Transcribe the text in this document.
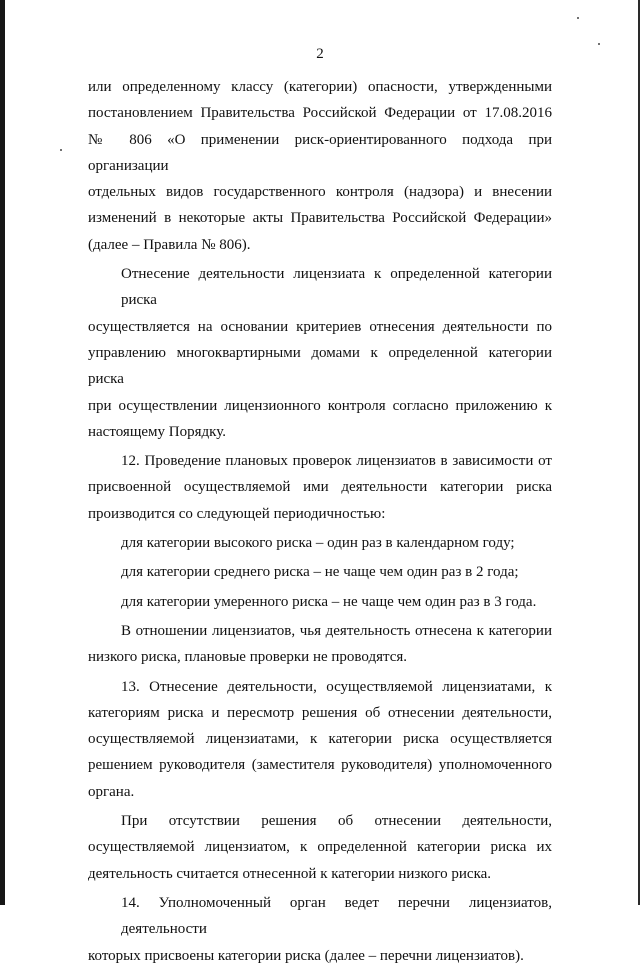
2
или определенному классу (категории) опасности, утвержденными
постановлением Правительства Российской Федерации от 17.08.2016
№ 806 «О применении риск-ориентированного подхода при организации
отдельных видов государственного контроля (надзора) и внесении
изменений в некоторые акты Правительства Российской Федерации»
(далее – Правила № 806).
Отнесение деятельности лицензиата к определенной категории риска
осуществляется на основании критериев отнесения деятельности по
управлению многоквартирными домами к определенной категории риска
при осуществлении лицензионного контроля согласно приложению к
настоящему Порядку.
12. Проведение плановых проверок лицензиатов в зависимости от
присвоенной осуществляемой ими деятельности категории риска
производится со следующей периодичностью:
для категории высокого риска – один раз в календарном году;
для категории среднего риска – не чаще чем один раз в 2 года;
для категории умеренного риска – не чаще чем один раз в 3 года.
В отношении лицензиатов, чья деятельность отнесена к категории
низкого риска, плановые проверки не проводятся.
13. Отнесение деятельности, осуществляемой лицензиатами, к
категориям риска и пересмотр решения об отнесении деятельности,
осуществляемой лицензиатами, к категории риска осуществляется
решением руководителя (заместителя руководителя) уполномоченного
органа.
При отсутствии решения об отнесении деятельности,
осуществляемой лицензиатом, к определенной категории риска их
деятельность считается отнесенной к категории низкого риска.
14. Уполномоченный орган ведет перечни лицензиатов, деятельности
которых присвоены категории риска (далее – перечни лицензиатов).
